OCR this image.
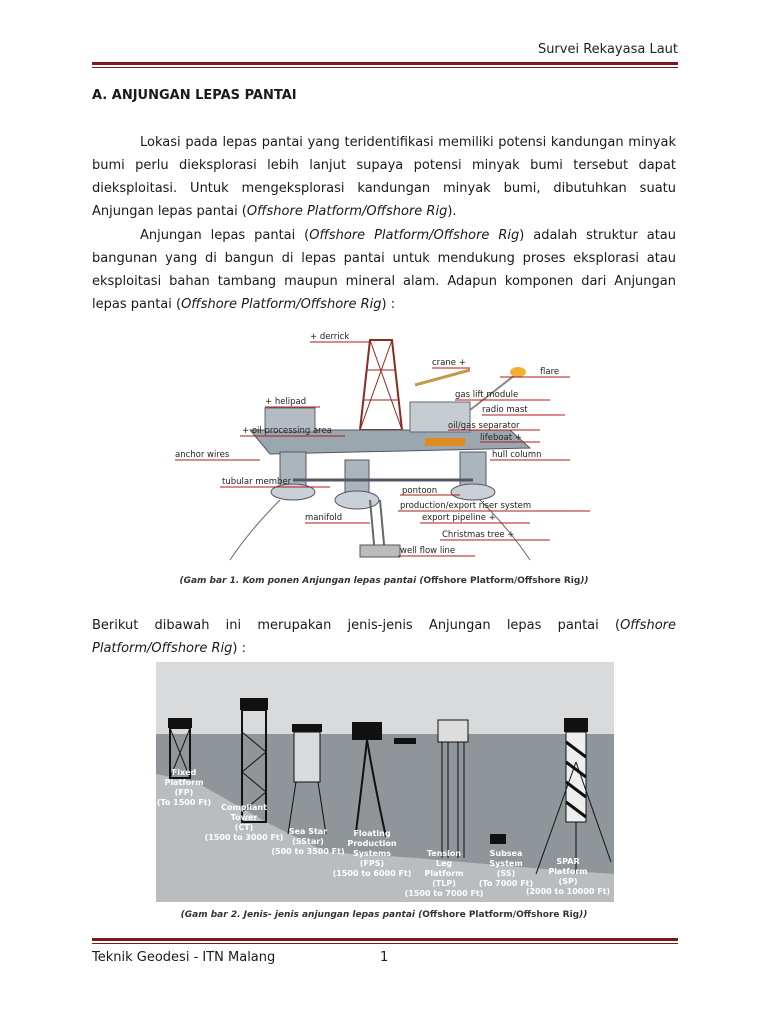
Survei Rekayasa Laut
A. ANJUNGAN LEPAS PANTAI
Lokasi pada lepas pantai yang teridentifikasi memiliki potensi kandungan minyak bumi perlu dieksplorasi lebih lanjut supaya potensi minyak bumi tersebut dapat dieksploitasi. Untuk mengeksplorasi kandungan minyak bumi, dibutuhkan suatu Anjungan lepas pantai (Offshore Platform/Offshore Rig).
Anjungan lepas pantai (Offshore Platform/Offshore Rig) adalah struktur atau bangunan yang di bangun di lepas pantai untuk mendukung proses eksplorasi atau eksploitasi bahan tambang maupun mineral alam. Adapun komponen dari Anjungan lepas pantai (Offshore Platform/Offshore Rig) :
+ derrick
crane +
flare
+ helipad
gas lift module
radio mast
oil/gas separator
+ oil processing area
lifeboat +
anchor wires	hull column
tubular member
pontoon
production/export riser system
manifold	export pipeline +
Christmas tree +
well flow line
(Gam bar 1. Kom ponen Anjungan lepas pantai (Offshore Platform/Offshore Rig))
Berikut dibawah ini merupakan jenis-jenis Anjungan lepas pantai (Offshore Platform/Offshore Rig) :
Fixed
Platform
(FP)
(To 1500 Ft)
Compliant
Tower
(CT)
(1500 to 3000 Ft)
Sea Star
(SStar)
(500 to 3500 Ft)
Floating
Production
Systems
(FPS)
(1500 to 6000 Ft)
Tension
Leg
Platform
(TLP)
(1500 to 7000 Ft)
Subsea
System
(SS)
(To 7000 Ft)
SPAR
Platform
(SP)
(2000 to 10000 Ft)
(Gam bar 2. Jenis- jenis anjungan lepas pantai (Offshore Platform/Offshore Rig))
Teknik Geodesi - ITN Malang	1
